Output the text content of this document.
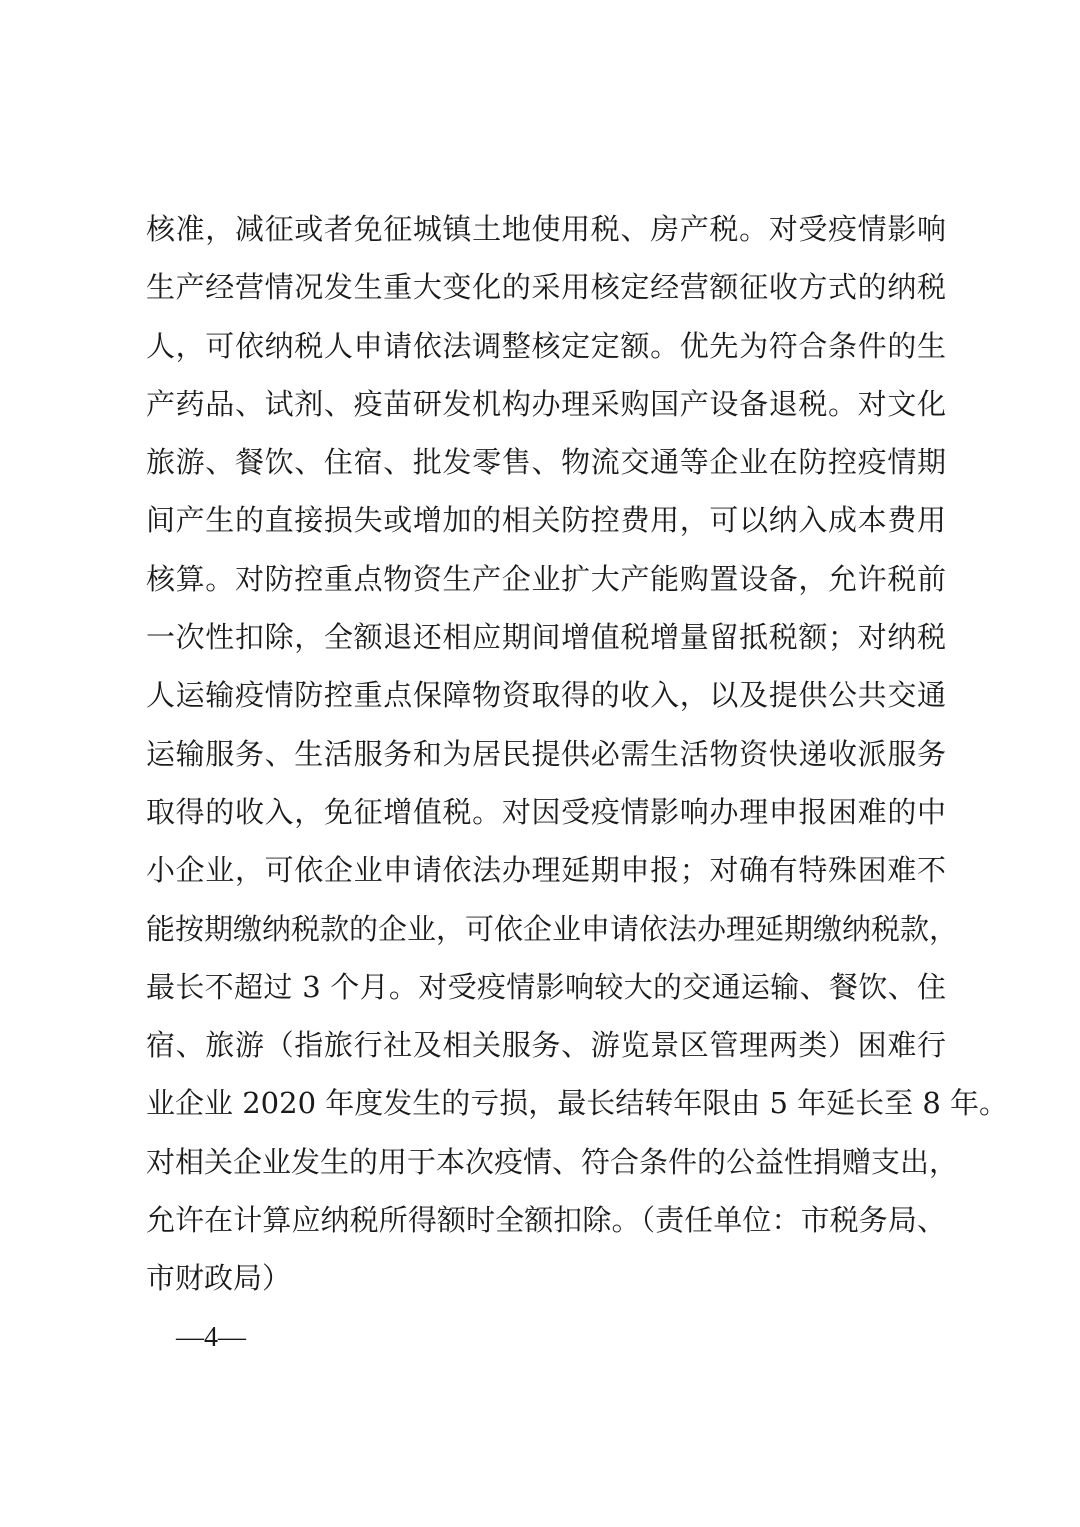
核准，减征或者免征城镇土地使用税、房产税。对受疫情影响
生产经营情况发生重大变化的采用核定经营额征收方式的纳税
人，可依纳税人申请依法调整核定定额。优先为符合条件的生
产药品、试剂、疫苗研发机构办理采购国产设备退税。对文化
旅游、餐饮、住宿、批发零售、物流交通等企业在防控疫情期
间产生的直接损失或增加的相关防控费用，可以纳入成本费用
核算。对防控重点物资生产企业扩大产能购置设备，允许税前
一次性扣除，全额退还相应期间增值税增量留抵税额；对纳税
人运输疫情防控重点保障物资取得的收入，以及提供公共交通
运输服务、生活服务和为居民提供必需生活物资快递收派服务
取得的收入，免征增值税。对因受疫情影响办理申报困难的中
小企业，可依企业申请依法办理延期申报；对确有特殊困难不
能按期缴纳税款的企业，可依企业申请依法办理延期缴纳税款，
最长不超过 3 个月。对受疫情影响较大的交通运输、餐饮、住
宿、旅游（指旅行社及相关服务、游览景区管理两类）困难行
业企业 2020 年度发生的亏损，最长结转年限由 5 年延长至 8 年。
对相关企业发生的用于本次疫情、符合条件的公益性捐赠支出，
允许在计算应纳税所得额时全额扣除。（责任单位：市税务局、
市财政局）
—4—
